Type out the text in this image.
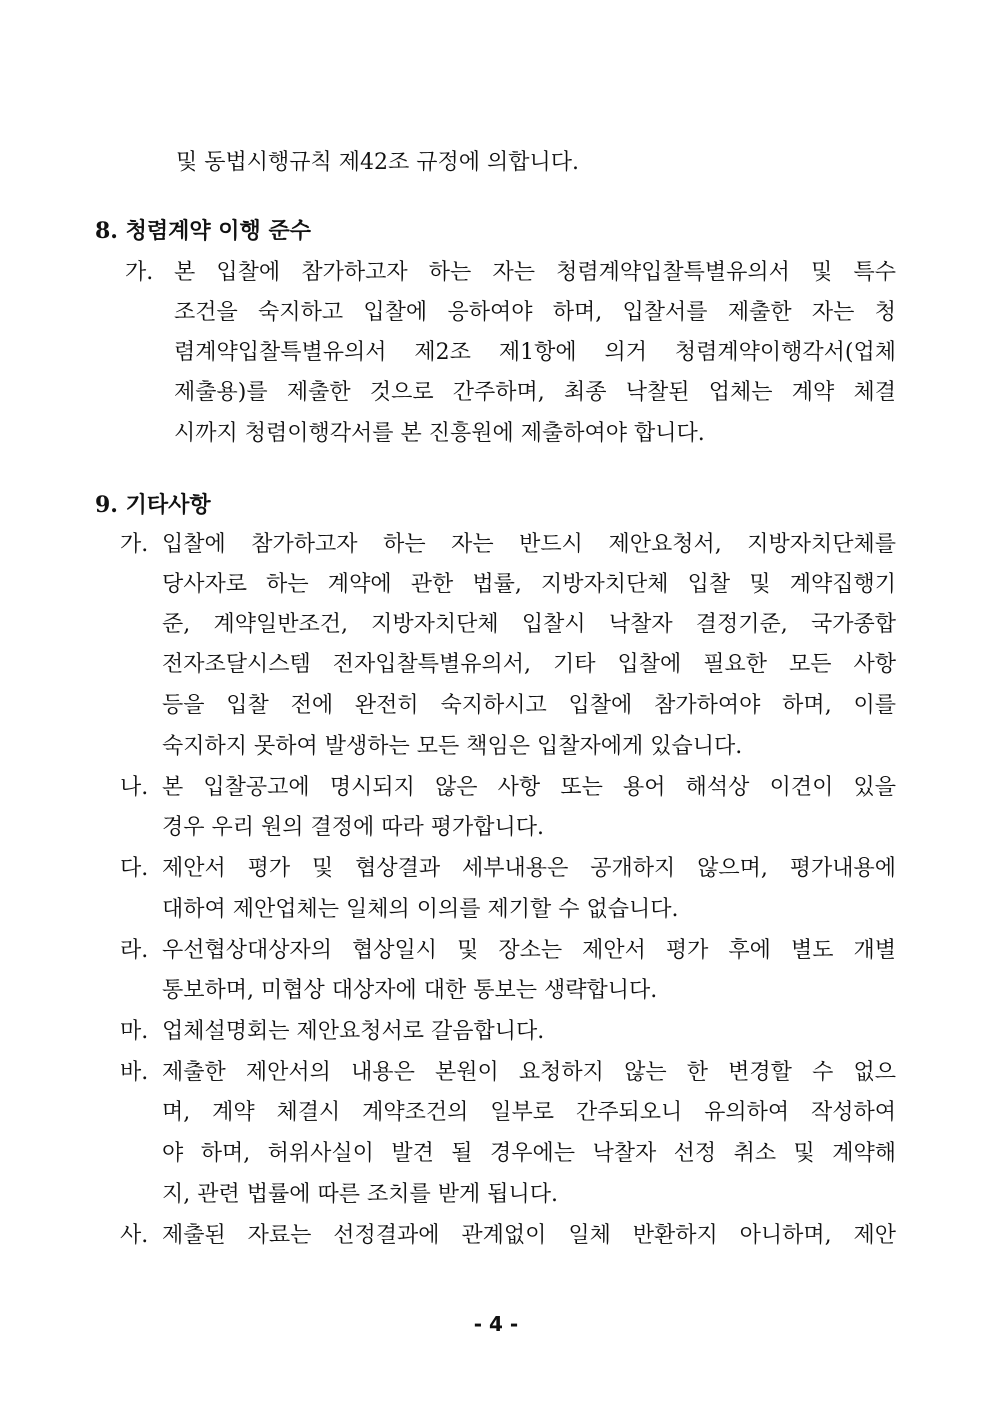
및 동법시행규칙 제42조 규정에 의합니다.
8. 청렴계약 이행 준수
가. 본 입찰에 참가하고자 하는 자는 청렴계약입찰특별유의서 및 특수
조건을 숙지하고 입찰에 응하여야 하며, 입찰서를 제출한 자는 청
렴계약입찰특별유의서 제2조 제1항에 의거 청렴계약이행각서(업체
제출용)를 제출한 것으로 간주하며, 최종 낙찰된 업체는 계약 체결
시까지 청렴이행각서를 본 진흥원에 제출하여야 합니다.
9. 기타사항
가. 입찰에 참가하고자 하는 자는 반드시 제안요청서, 지방자치단체를
당사자로 하는 계약에 관한 법률, 지방자치단체 입찰 및 계약집행기
준, 계약일반조건, 지방자치단체 입찰시 낙찰자 결정기준, 국가종합
전자조달시스템 전자입찰특별유의서, 기타 입찰에 필요한 모든 사항
등을 입찰 전에 완전히 숙지하시고 입찰에 참가하여야 하며, 이를
숙지하지 못하여 발생하는 모든 책임은 입찰자에게 있습니다.
나. 본 입찰공고에 명시되지 않은 사항 또는 용어 해석상 이견이 있을
경우 우리 원의 결정에 따라 평가합니다.
다. 제안서 평가 및 협상결과 세부내용은 공개하지 않으며, 평가내용에
대하여 제안업체는 일체의 이의를 제기할 수 없습니다.
라. 우선협상대상자의 협상일시 및 장소는 제안서 평가 후에 별도 개별
통보하며, 미협상 대상자에 대한 통보는 생략합니다.
마. 업체설명회는 제안요청서로 갈음합니다.
바. 제출한 제안서의 내용은 본원이 요청하지 않는 한 변경할 수 없으
며, 계약 체결시 계약조건의 일부로 간주되오니 유의하여 작성하여
야 하며, 허위사실이 발견 될 경우에는 낙찰자 선정 취소 및 계약해
지, 관련 법률에 따른 조치를 받게 됩니다.
사. 제출된 자료는 선정결과에 관계없이 일체 반환하지 아니하며, 제안
- 4 -
